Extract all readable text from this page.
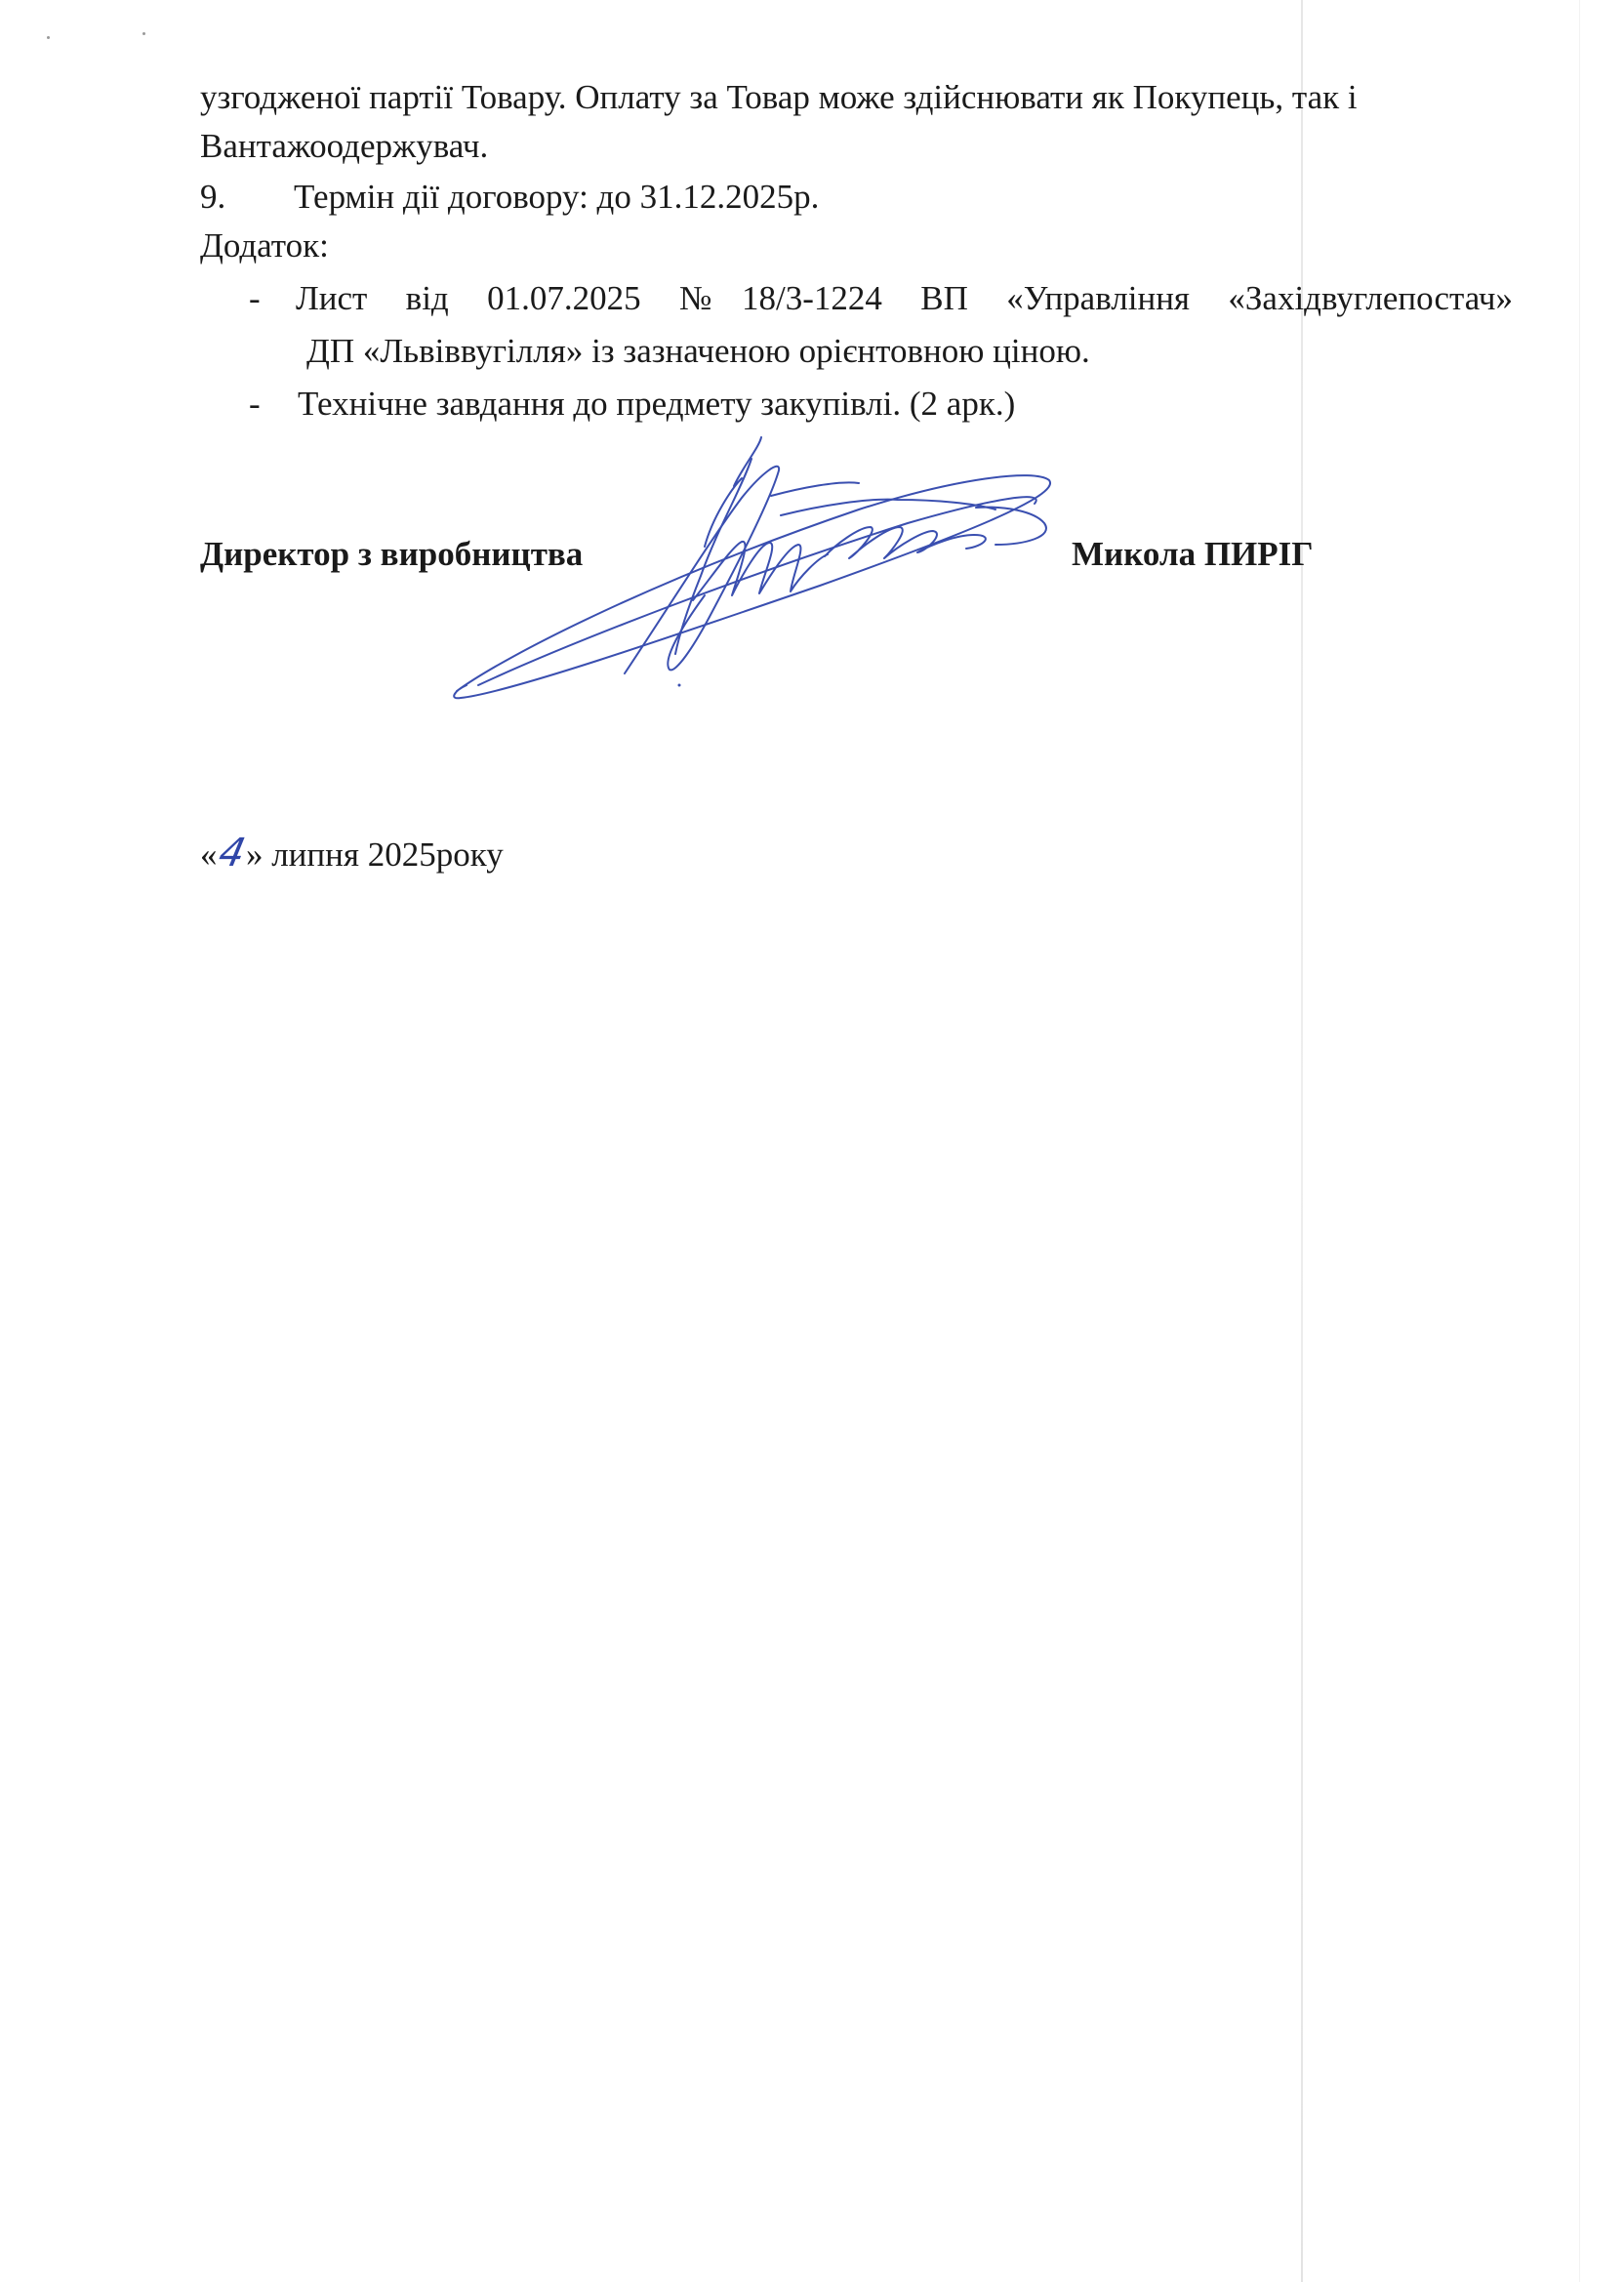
узгодженої партії Товару. Оплату за Товар може здійснювати як Покупець, так і
Вантажоодержувач.
9. Термін дії договору: до 31.12.2025р.
Додаток:
- Лист від 01.07.2025 №18/3-1224 ВП «Управління «Західвуглепостач»
ДП «Львіввугілля» із зазначеною орієнтовною ціною.
- Технічне завдання до предмету закупівлі. (2 арк.)
Директор з виробництва	Микола ПИРІГ
«4» липня 2025року
